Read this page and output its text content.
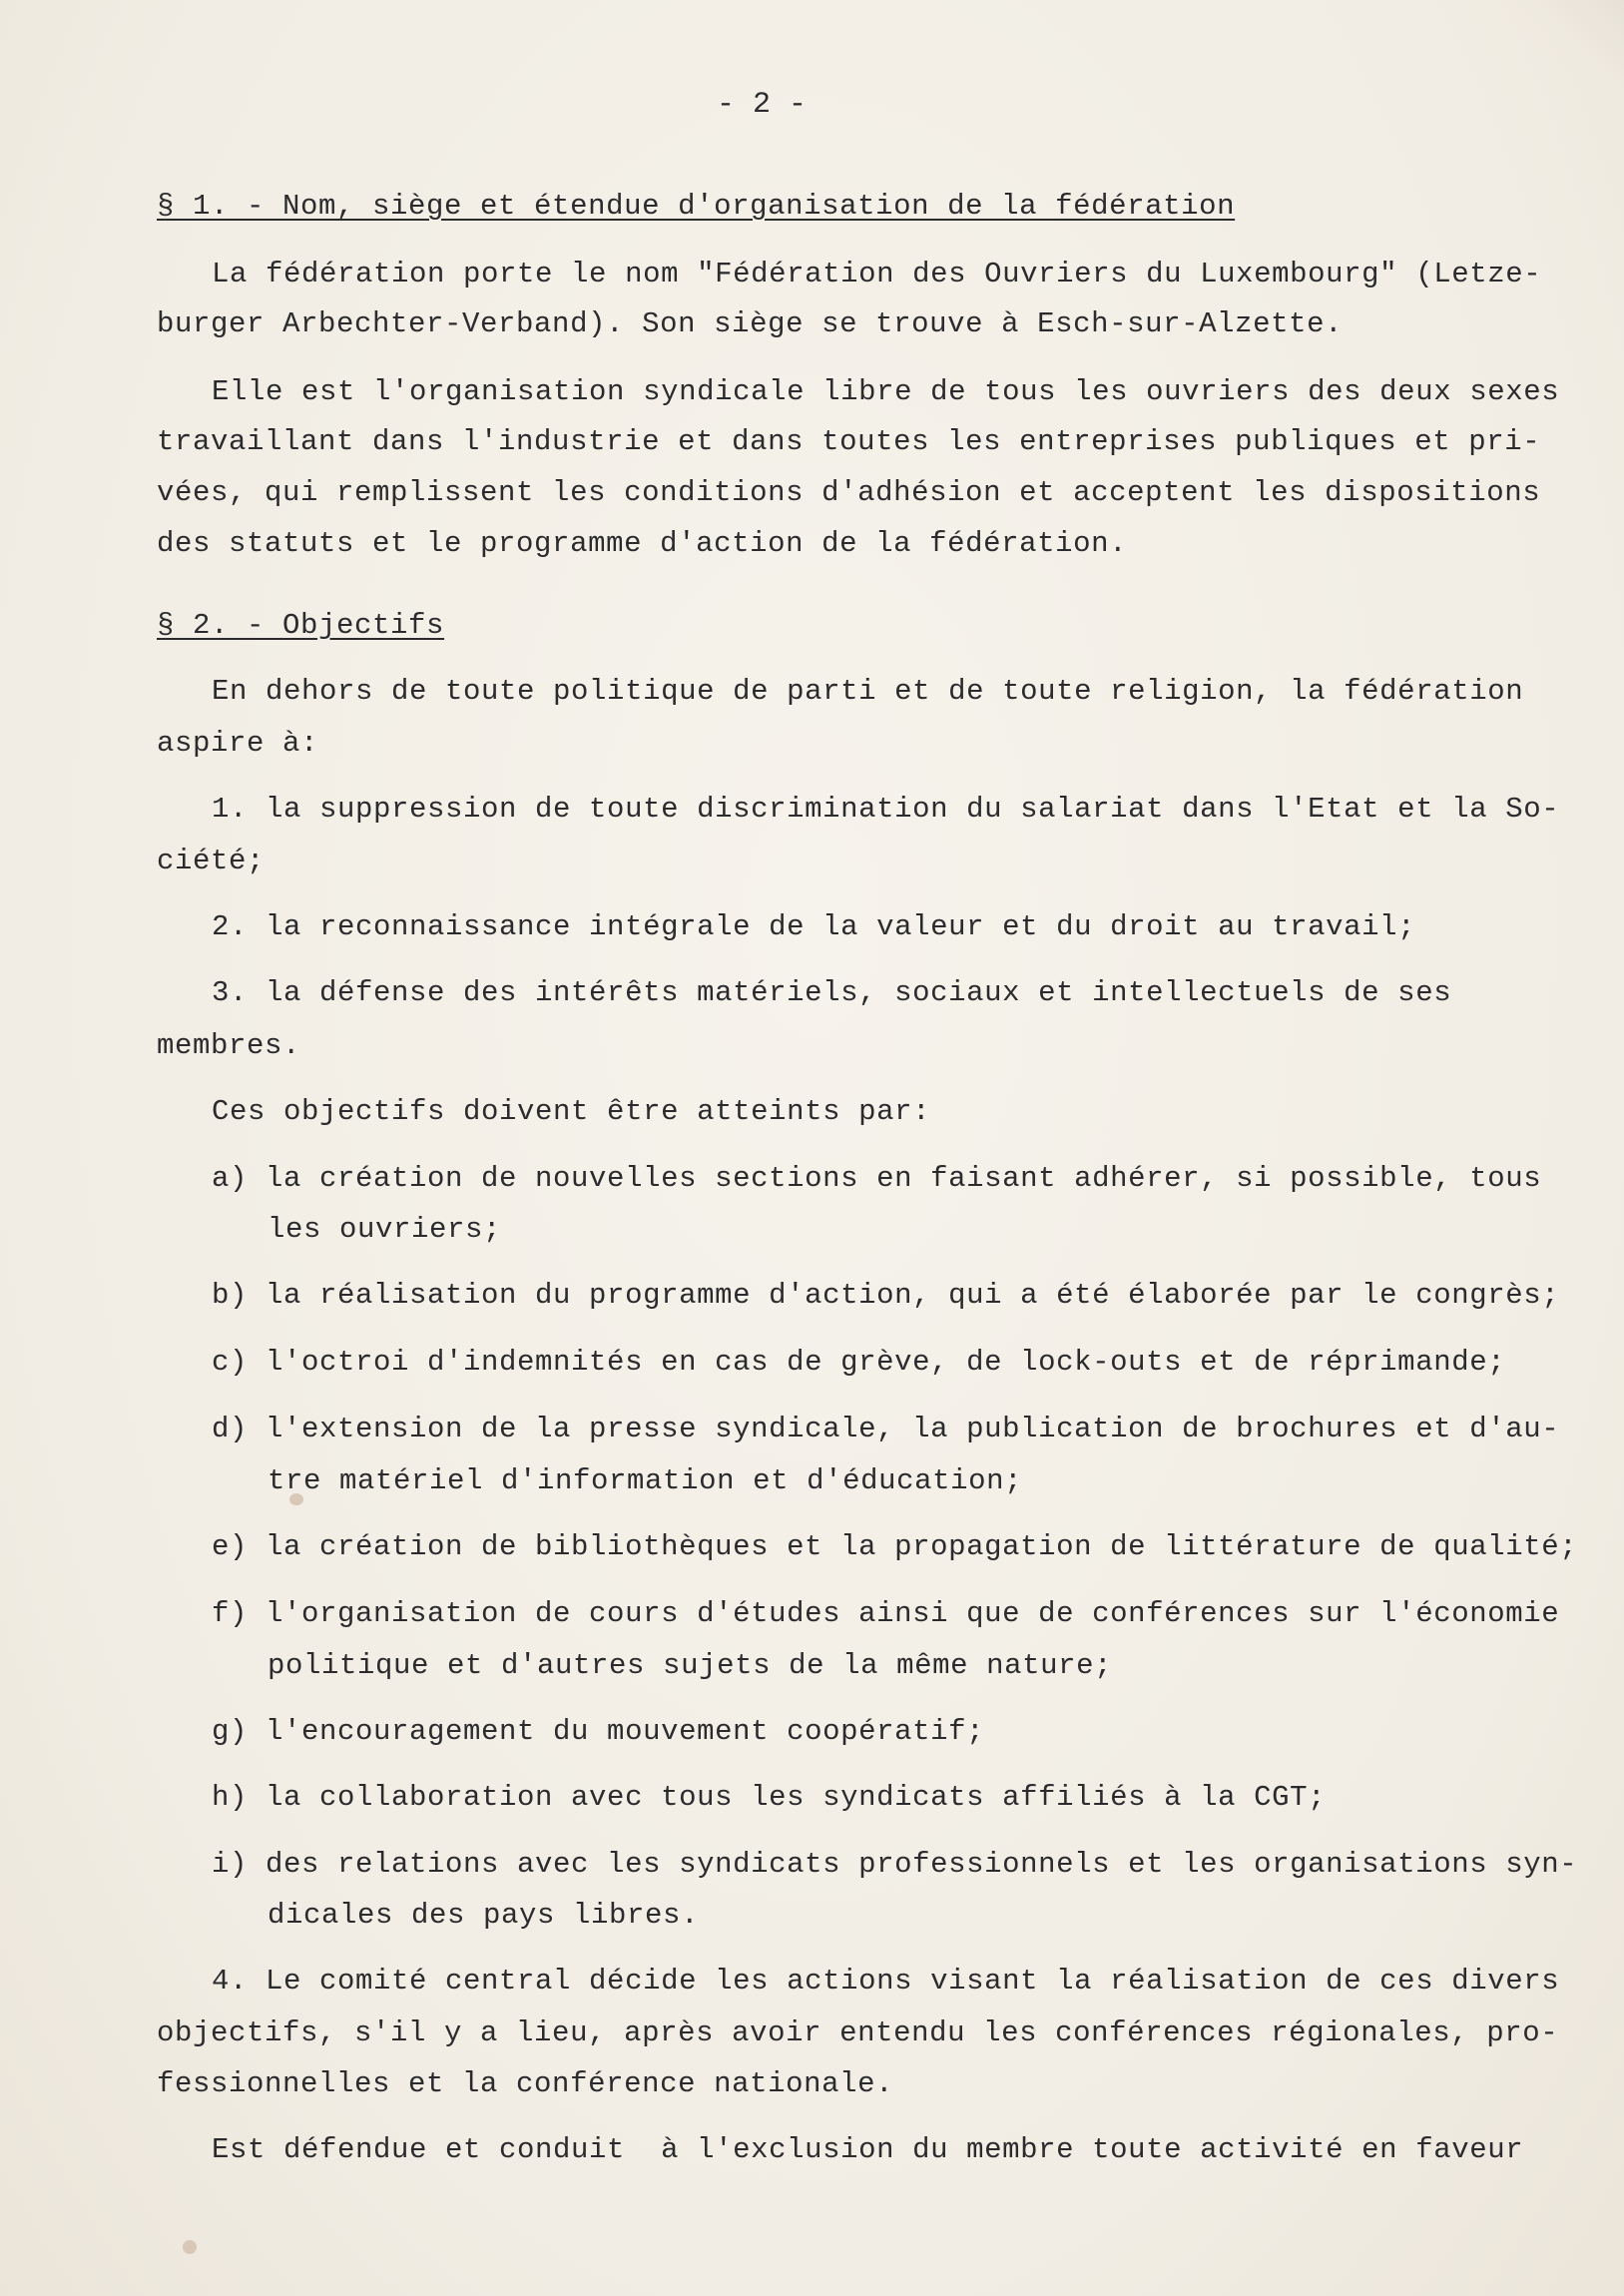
- 2 -
§ 1. - Nom, siège et étendue d'organisation de la fédération
La fédération porte le nom "Fédération des Ouvriers du Luxembourg" (Letze-
burger Arbechter-Verband). Son siège se trouve à Esch-sur-Alzette.
Elle est l'organisation syndicale libre de tous les ouvriers des deux sexes
travaillant dans l'industrie et dans toutes les entreprises publiques et pri-
vées, qui remplissent les conditions d'adhésion et acceptent les dispositions
des statuts et le programme d'action de la fédération.
§ 2. - Objectifs
En dehors de toute politique de parti et de toute religion, la fédération
aspire à:
1. la suppression de toute discrimination du salariat dans l'Etat et la So-
ciété;
2. la reconnaissance intégrale de la valeur et du droit au travail;
3. la défense des intérêts matériels, sociaux et intellectuels de ses
membres.
Ces objectifs doivent être atteints par:
a) la création de nouvelles sections en faisant adhérer, si possible, tous
les ouvriers;
b) la réalisation du programme d'action, qui a été élaborée par le congrès;
c) l'octroi d'indemnités en cas de grève, de lock-outs et de réprimande;
d) l'extension de la presse syndicale, la publication de brochures et d'au-
tre matériel d'information et d'éducation;
e) la création de bibliothèques et la propagation de littérature de qualité;
f) l'organisation de cours d'études ainsi que de conférences sur l'économie
politique et d'autres sujets de la même nature;
g) l'encouragement du mouvement coopératif;
h) la collaboration avec tous les syndicats affiliés à la CGT;
i) des relations avec les syndicats professionnels et les organisations syn-
dicales des pays libres.
4. Le comité central décide les actions visant la réalisation de ces divers
objectifs, s'il y a lieu, après avoir entendu les conférences régionales, pro-
fessionnelles et la conférence nationale.
Est défendue et conduit  à l'exclusion du membre toute activité en faveur
